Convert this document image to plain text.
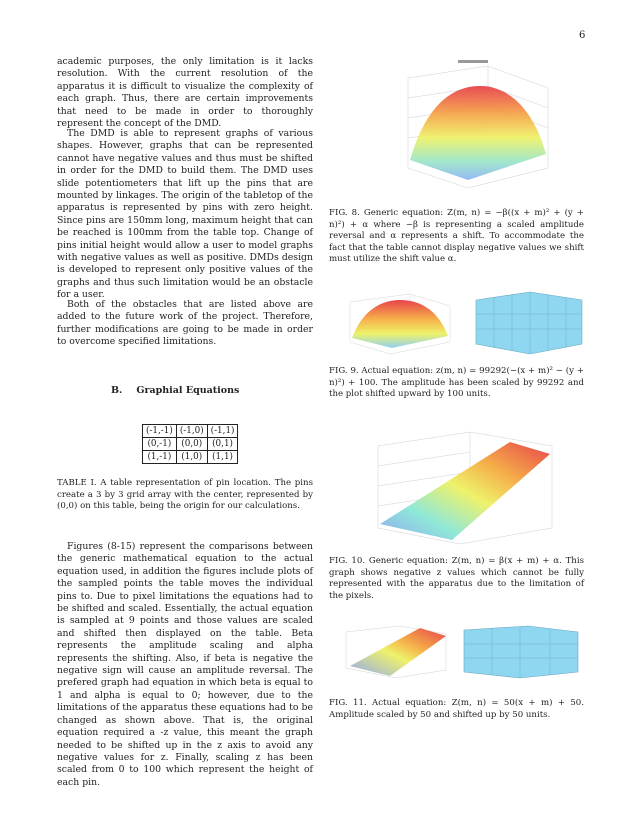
6

academic purposes, the only limitation is it lacks resolution. With the current resolution of the apparatus it is difficult to visualize the complexity of each graph. Thus, there are certain improvements that need to be made in order to thoroughly represent the concept of the DMD.

The DMD is able to represent graphs of various shapes. However, graphs that can be represented cannot have negative values and thus must be shifted in order for the DMD to build them. The DMD uses slide potentiometers that lift up the pins that are mounted by linkages. The origin of the tabletop of the apparatus is represented by pins with zero height. Since pins are 150mm long, maximum height that can be reached is 100mm from the table top. Change of pins initial height would allow a user to model graphs with negative values as well as positive. DMDs design is developed to represent only positive values of the graphs and thus such limitation would be an obstacle for a user.

Both of the obstacles that are listed above are added to the future work of the project. Therefore, further modifications are going to be made in order to overcome specified limitations.

B. Graphial Equations
(-1,-1)	(-1,0)	(-1,1)
(0,-1)	(0,0)	(0,1)
(1,-1)	(1,0)	(1,1)

TABLE I. A table representation of pin location. The pins create a 3 by 3 grid array with the center, represented by (0,0) on this table, being the origin for our calculations.

Figures (8-15) represent the comparisons between the generic mathematical equation to the actual equation used, in addition the figures include plots of the sampled points the table moves the individual pins to. Due to pixel limitations the equations had to be shifted and scaled. Essentially, the actual equation is sampled at 9 points and those values are scaled and shifted then displayed on the table. Beta represents the amplitude scaling and alpha represents the shifting. Also, if beta is negative the negative sign will cause an amplitude reversal. The prefered graph had equation in which beta is equal to 1 and alpha is equal to 0; however, due to the limitations of the apparatus these equations had to be changed as shown above. That is, the original equation required a -z value, this meant the graph needed to be shifted up in the z axis to avoid any negative values for z. Finally, scaling z has been scaled from 0 to 100 which represent the height of each pin.

FIG. 8. Generic equation: Z(m, n) = −β((x + m)² + (y + n)²) + α where −β is representing a scaled amplitude reversal and α represents a shift. To accommodate the fact that the table cannot display negative values we shift must utilize the shift value α.

FIG. 9. Actual equation: z(m, n) = 99292(−(x + m)² − (y + n)²) + 100. The amplitude has been scaled by 99292 and the plot shifted upward by 100 units.

FIG. 10. Generic equation: Z(m, n) = β(x + m) + α. This graph shows negative z values which cannot be fully represented with the apparatus due to the limitation of the pixels.

FIG. 11. Actual equation: Z(m, n) = 50(x + m) + 50. Amplitude scaled by 50 and shifted up by 50 units.
